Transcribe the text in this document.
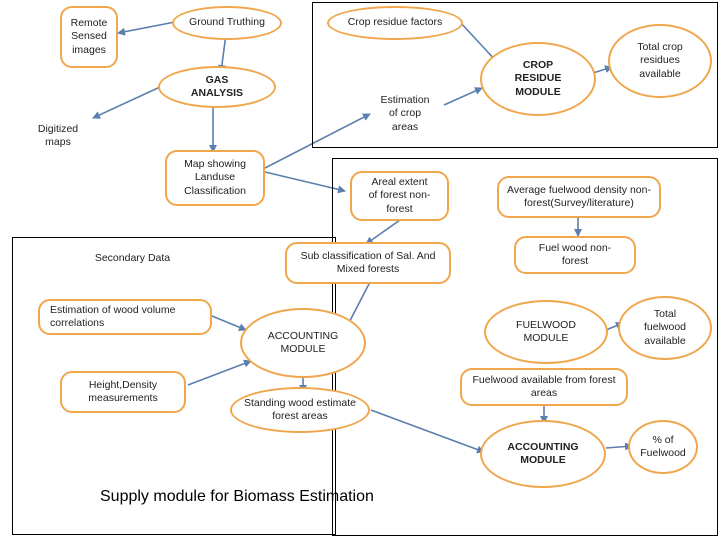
Remote
Sensed
images
Ground Truthing	Crop residue factors
GAS
ANALYSIS
Digitized
maps
Estimation
of crop
areas
CROP
RESIDUE
MODULE
Total crop
residues
available
Map showing
Landuse
Classification
Areal extent
of forest non-
forest
Average fuelwood density non-
forest(Survey/literature)
Secondary Data	Sub classification of Sal. And
Mixed forests
Fuel wood non-
forest
Estimation of wood volume
correlations
ACCOUNTING
MODULE
FUELWOOD
MODULE
Total
fuelwood
available
Height,Density
measurements	Standing wood estimate
forest areas
Fuelwood available from forest
areas
ACCOUNTING
MODULE
% of
Fuelwood
Supply module for Biomass Estimation
